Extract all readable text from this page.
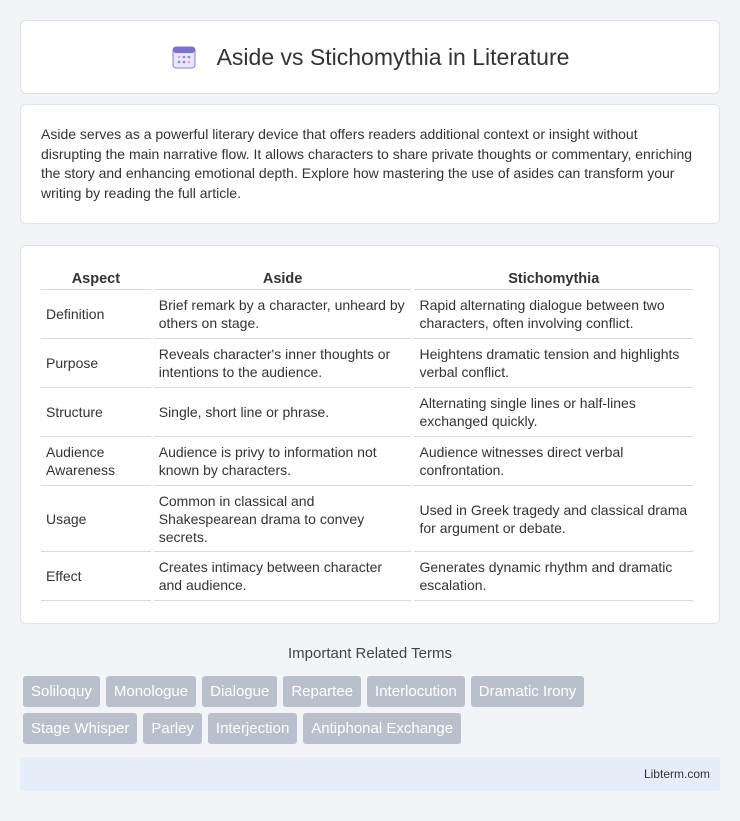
Aside vs Stichomythia in Literature

Aside serves as a powerful literary device that offers readers additional context or insight without disrupting the main narrative flow. It allows characters to share private thoughts or commentary, enriching the story and enhancing emotional depth. Explore how mastering the use of asides can transform your writing by reading the full article.

Aspect	Aside	Stichomythia
Definition	Brief remark by a character, unheard by others on stage.	Rapid alternating dialogue between two characters, often involving conflict.
Purpose	Reveals character's inner thoughts or intentions to the audience.	Heightens dramatic tension and highlights verbal conflict.
Structure	Single, short line or phrase.	Alternating single lines or half-lines exchanged quickly.
Audience Awareness	Audience is privy to information not known by characters.	Audience witnesses direct verbal confrontation.
Usage	Common in classical and Shakespearean drama to convey secrets.	Used in Greek tragedy and classical drama for argument or debate.
Effect	Creates intimacy between character and audience.	Generates dynamic rhythm and dramatic escalation.
Important Related Terms
Soliloquy	Monologue	Dialogue	Repartee	Interlocution	Dramatic Irony
Stage Whisper	Parley	Interjection	Antiphonal Exchange
Libterm.com
